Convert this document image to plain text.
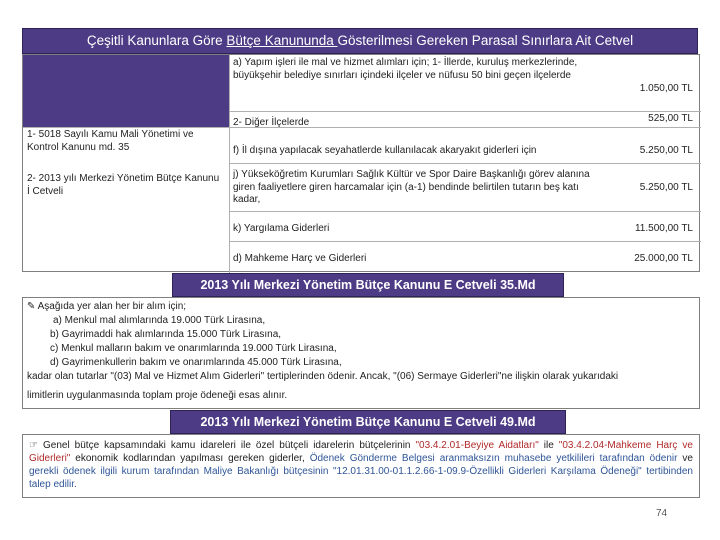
Çeşitli Kanunlara Göre Bütçe Kanununda Gösterilmesi Gereken Parasal Sınırlara Ait Cetvel
1- 5018 Sayılı Kamu Mali Yönetimi ve Kontrol Kanunu md. 35
2- 2013 yılı Merkezi Yönetim Bütçe Kanunu İ Cetveli
a) Yapım işleri ile mal ve hizmet alımları için; 1- İllerde, kuruluş merkezlerinde, büyükşehir belediye sınırları içindeki ilçeler ve nüfusu 50 bini geçen ilçelerde
1.050,00 TL
2- Diğer İlçelerde	525,00 TL
f) İl dışına yapılacak seyahatlerde kullanılacak akaryakıt giderleri için	5.250,00 TL
j) Yükseköğretim Kurumları Sağlık Kültür ve Spor Daire Başkanlığı görev alanına giren faaliyetlere giren harcamalar için (a-1) bendinde belirtilen tutarın beş katı kadar,
5.250,00 TL
k) Yargılama Giderleri	11.500,00 TL
d) Mahkeme Harç ve Giderleri	25.000,00 TL
2013 Yılı Merkezi Yönetim Bütçe Kanunu E Cetveli 35.Md
✎ Aşağıda yer alan her bir alım için;
a) Menkul mal alımlarında 19.000 Türk Lirasına,
b) Gayrimaddi hak alımlarında 15.000 Türk Lirasına,
c) Menkul malların bakım ve onarımlarında 19.000 Türk Lirasına,
d) Gayrimenkullerin bakım ve onarımlarında 45.000 Türk Lirasına,
kadar olan tutarlar "(03) Mal ve Hizmet Alım Giderleri" tertiplerinden ödenir. Ancak, "(06) Sermaye Giderleri"ne ilişkin olarak yukarıdaki
limitlerin uygulanmasında toplam proje ödeneği esas alınır.
2013 Yılı Merkezi Yönetim Bütçe Kanunu E Cetveli 49.Md

☞ Genel bütçe kapsamındaki kamu idareleri ile özel bütçeli idarelerin bütçelerinin "03.4.2.01-Beyiye Aidatları" ile "03.4.2.04-Mahkeme Harç ve Giderleri" ekonomik kodlarından yapılması gereken giderler, Ödenek Gönderme Belgesi aranmaksızın muhasebe yetkilileri tarafından ödenir ve gerekli ödenek ilgili kurum tarafından Maliye Bakanlığı bütçesinin "12.01.31.00-01.1.2.66-1-09.9-Özellikli Giderleri Karşılama Ödeneği" tertibinden talep edilir.

74
